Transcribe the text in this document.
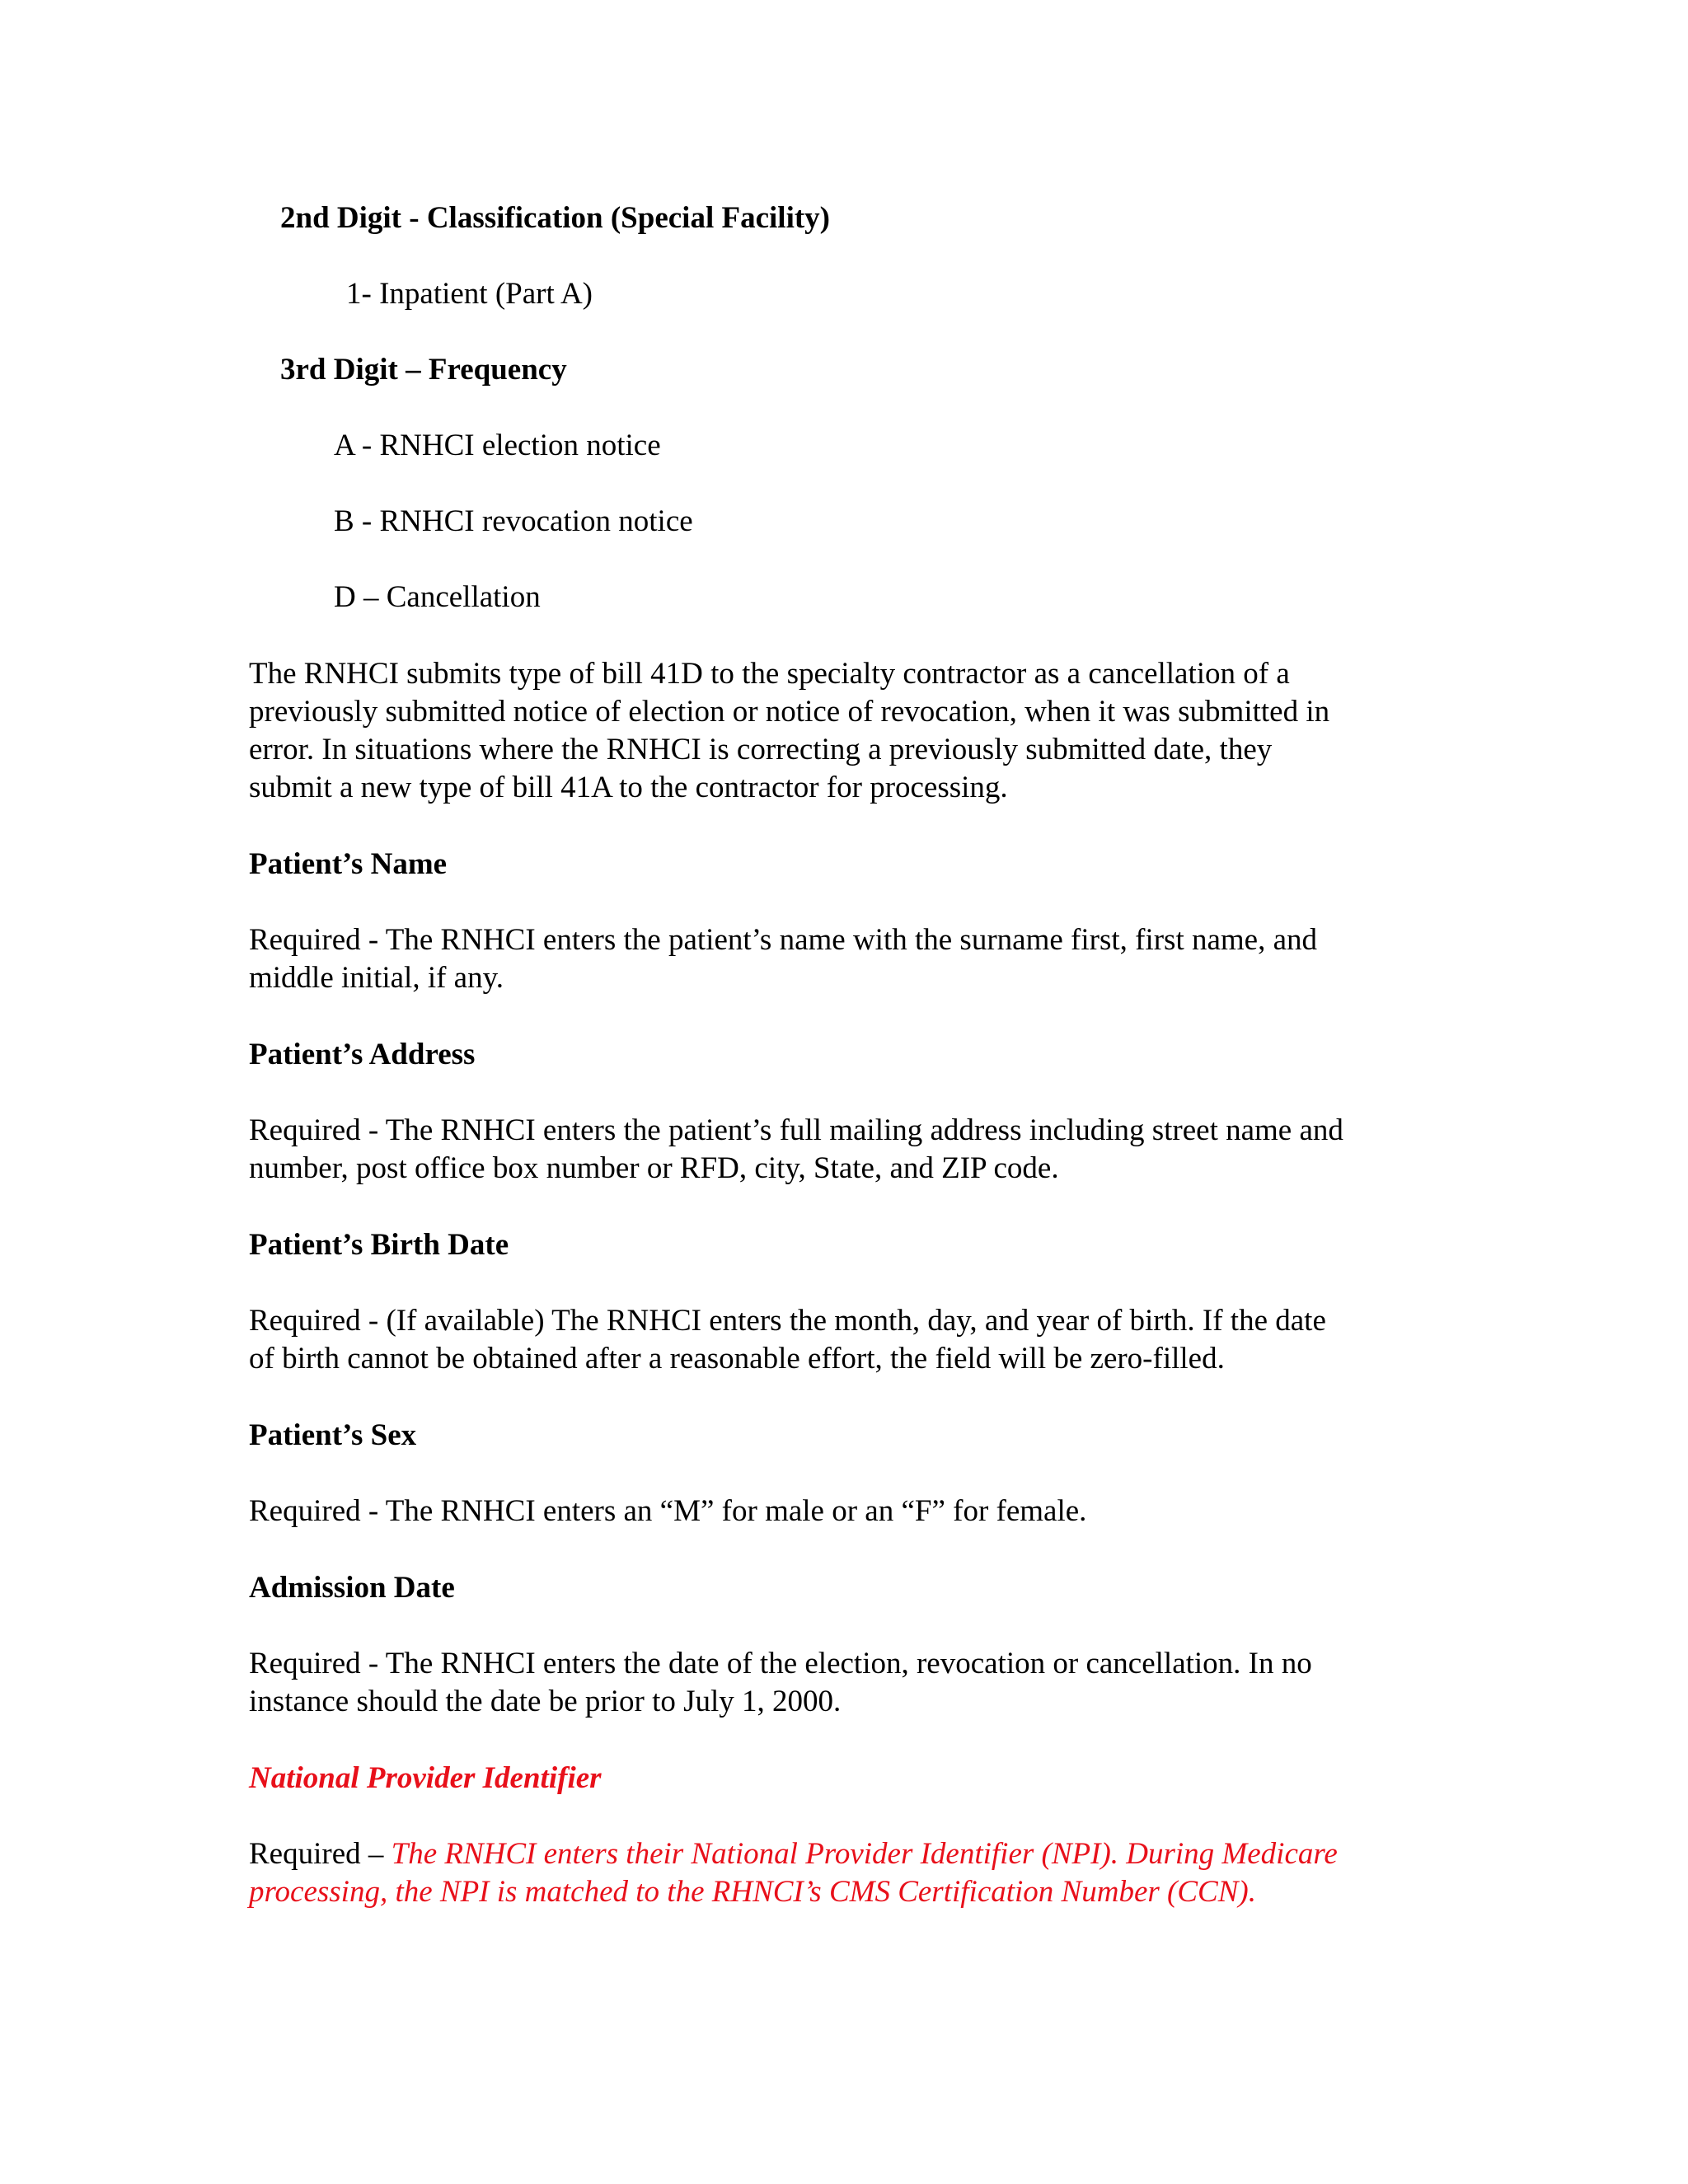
2nd Digit - Classification (Special Facility)
1- Inpatient (Part A)
3rd Digit – Frequency
A - RNHCI election notice
B - RNHCI revocation notice
D – Cancellation
The RNHCI submits type of bill 41D to the specialty contractor as a cancellation of a
previously submitted notice of election or notice of revocation, when it was submitted in
error. In situations where the RNHCI is correcting a previously submitted date, they
submit a new type of bill 41A to the contractor for processing.
Patient’s Name
Required - The RNHCI enters the patient’s name with the surname first, first name, and
middle initial, if any.
Patient’s Address
Required - The RNHCI enters the patient’s full mailing address including street name and
number, post office box number or RFD, city, State, and ZIP code.
Patient’s Birth Date
Required - (If available) The RNHCI enters the month, day, and year of birth. If the date
of birth cannot be obtained after a reasonable effort, the field will be zero-filled.
Patient’s Sex
Required - The RNHCI enters an “M” for male or an “F” for female.
Admission Date
Required - The RNHCI enters the date of the election, revocation or cancellation. In no
instance should the date be prior to July 1, 2000.
National Provider Identifier
Required – The RNHCI enters their National Provider Identifier (NPI). During Medicare
processing, the NPI is matched to the RHNCI’s CMS Certification Number (CCN).
